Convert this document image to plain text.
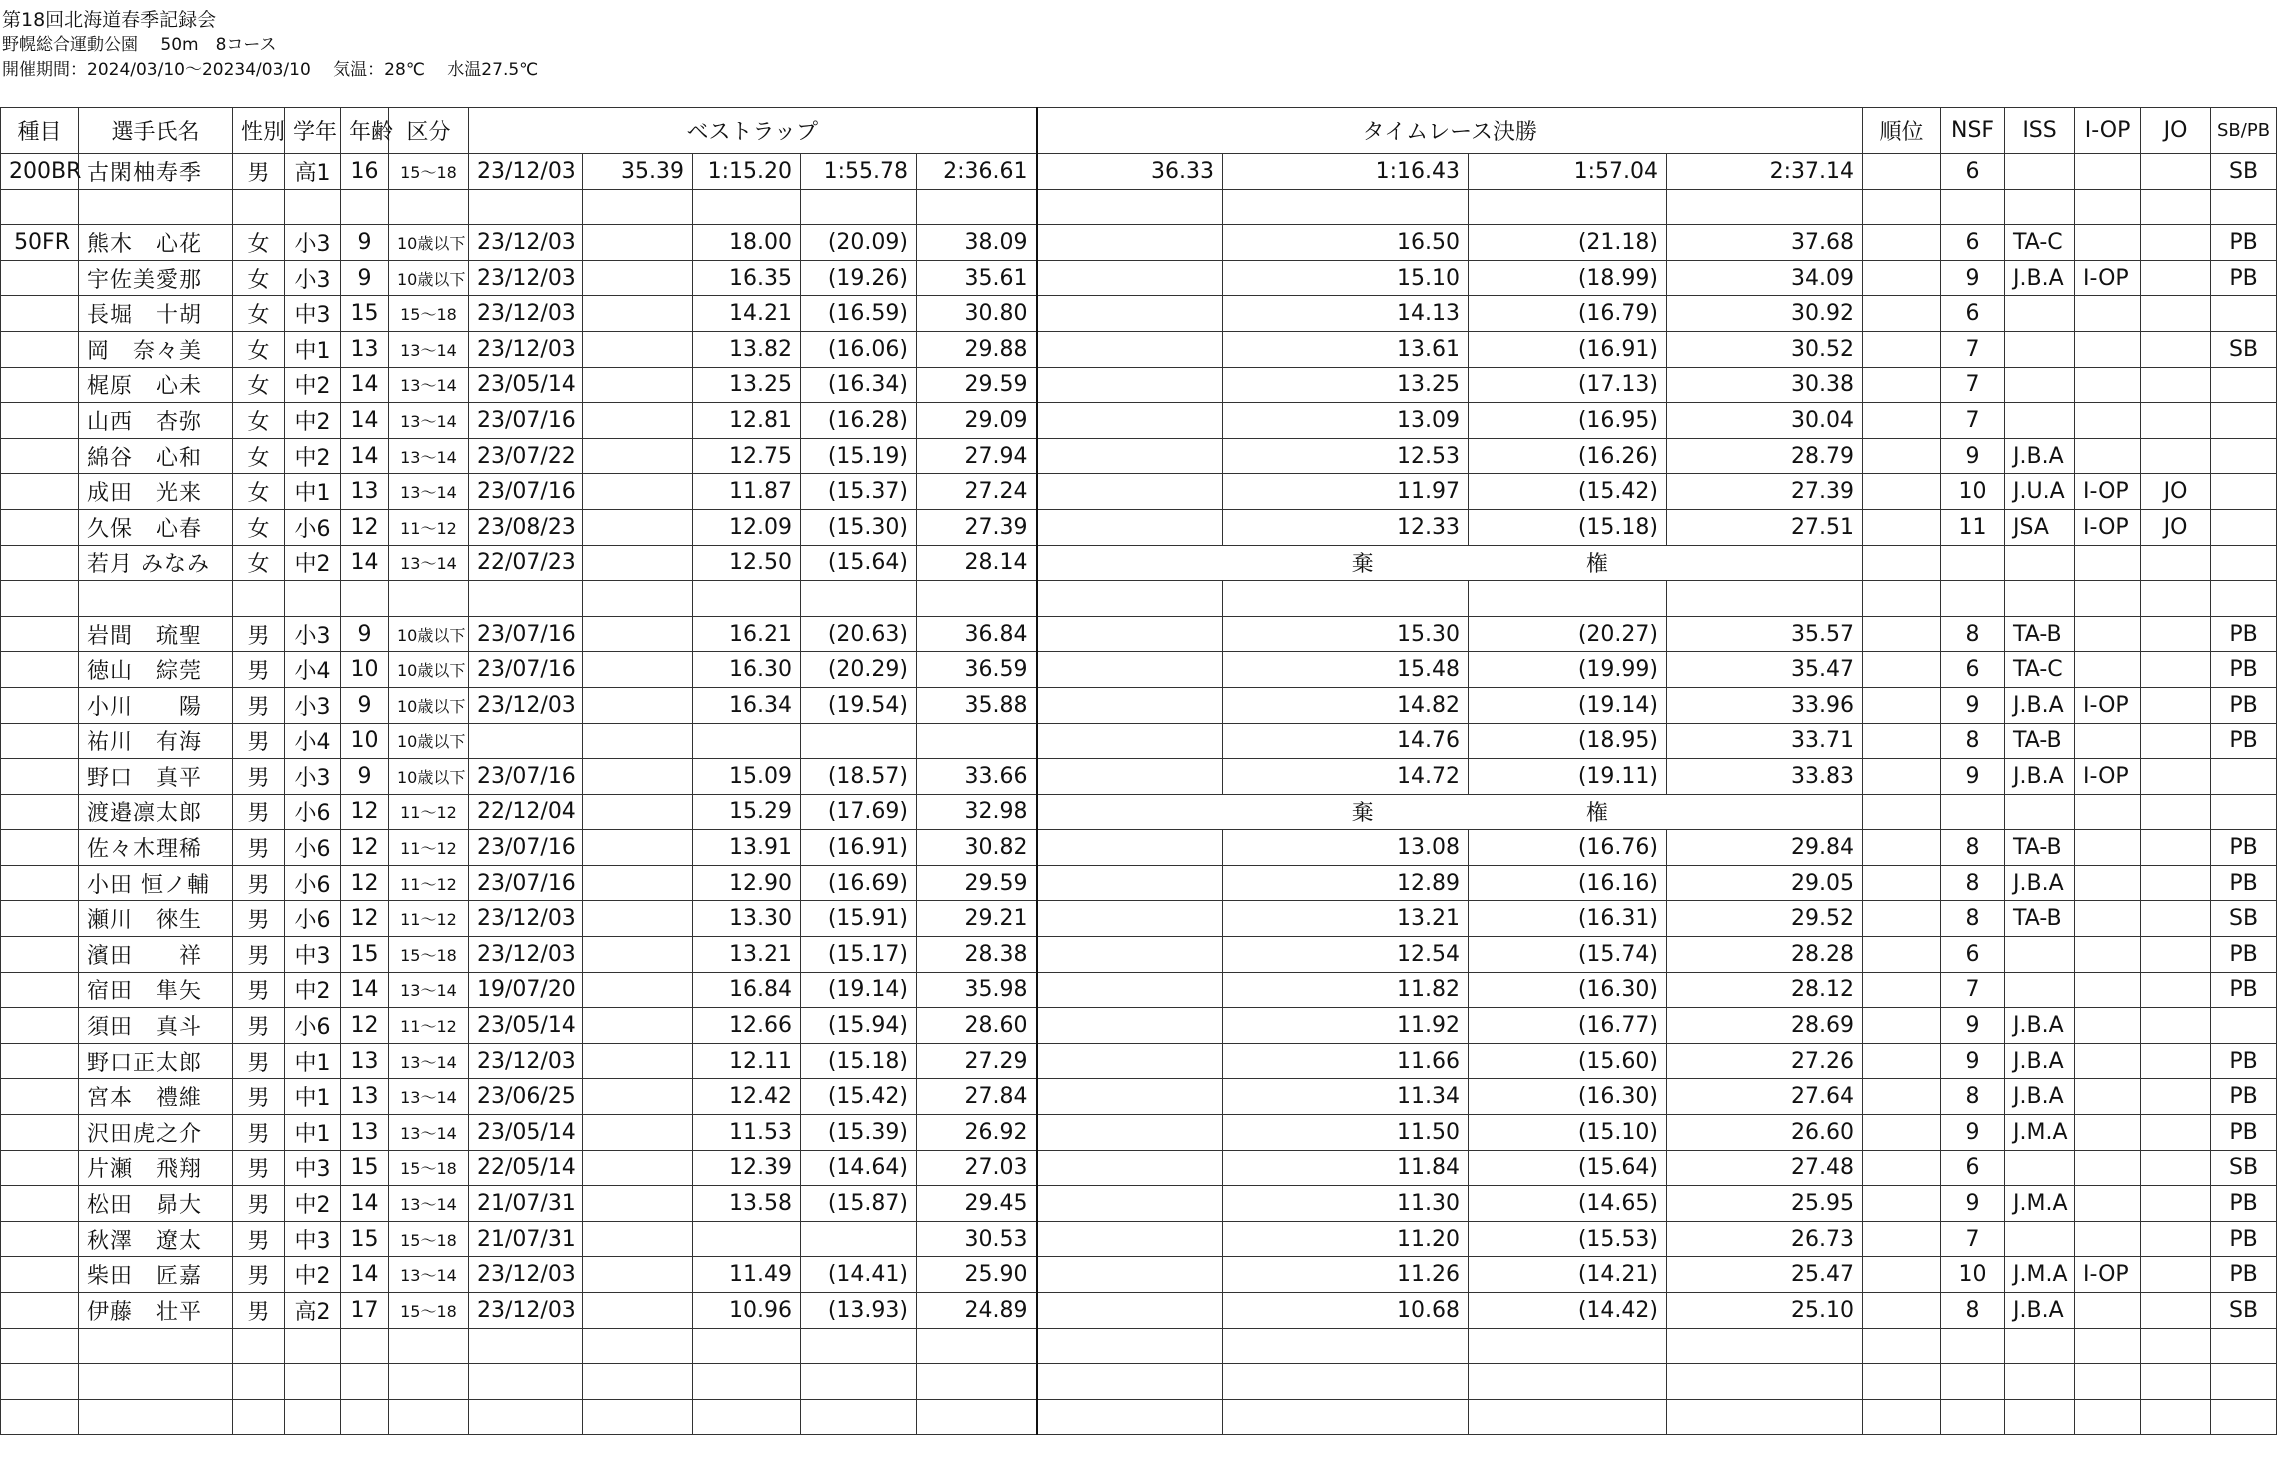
第18回北海道春季記録会
野幌総合運動公園　 50m　8コース
開催期間：2024/03/10～20234/03/10　 気温：28℃　 水温27.5℃
種目	選手氏名	性別	学年	年齢	区分	ベストラップ					タイムレース決勝				順位	NSF	ISS	I-OP	JO	SB/PB
200BR	古閑柚寿季	男	高1	16	15～18	23/12/03	35.39	1:15.20	1:55.78	2:36.61	36.33	1:16.43	1:57.04	2:37.14		6				SB

50FR	熊木　心花	女	小3	9	10歳以下	23/12/03		18.00	(20.09)	38.09		16.50	(21.18)	37.68		6	TA-C			PB
	宇佐美愛那	女	小3	9	10歳以下	23/12/03		16.35	(19.26)	35.61		15.10	(18.99)	34.09		9	J.B.A	I-OP		PB
	長堀　十胡	女	中3	15	15～18	23/12/03		14.21	(16.59)	30.80		14.13	(16.79)	30.92		6				
	岡　奈々美	女	中1	13	13～14	23/12/03		13.82	(16.06)	29.88		13.61	(16.91)	30.52		7				SB
	梶原　心未	女	中2	14	13～14	23/05/14		13.25	(16.34)	29.59		13.25	(17.13)	30.38		7				
	山西　杏弥	女	中2	14	13～14	23/07/16		12.81	(16.28)	29.09		13.09	(16.95)	30.04		7				
	綿谷　心和	女	中2	14	13～14	23/07/22		12.75	(15.19)	27.94		12.53	(16.26)	28.79		9	J.B.A			
	成田　光来	女	中1	13	13～14	23/07/16		11.87	(15.37)	27.24		11.97	(15.42)	27.39		10	J.U.A	I-OP	JO	
	久保　心春	女	小6	12	11～12	23/08/23		12.09	(15.30)	27.39		12.33	(15.18)	27.51		11	JSA	I-OP	JO	
	若月 みなみ	女	中2	14	13～14	22/07/23		12.50	(15.64)	28.14	棄 権									

	岩間　琉聖	男	小3	9	10歳以下	23/07/16		16.21	(20.63)	36.84		15.30	(20.27)	35.57		8	TA-B			PB
	徳山　綜莞	男	小4	10	10歳以下	23/07/16		16.30	(20.29)	36.59		15.48	(19.99)	35.47		6	TA-C			PB
	小川　　陽	男	小3	9	10歳以下	23/12/03		16.34	(19.54)	35.88		14.82	(19.14)	33.96		9	J.B.A	I-OP		PB
	祐川　有海	男	小4	10	10歳以下							14.76	(18.95)	33.71		8	TA-B			PB
	野口　真平	男	小3	9	10歳以下	23/07/16		15.09	(18.57)	33.66		14.72	(19.11)	33.83		9	J.B.A	I-OP		
	渡邉凛太郎	男	小6	12	11～12	22/12/04		15.29	(17.69)	32.98	棄 権									

	佐々木理稀	男	小6	12	11～12	23/07/16		13.91	(16.91)	30.82		13.08	(16.76)	29.84		8	TA-B			PB
	小田 恒ノ輔	男	小6	12	11～12	23/07/16		12.90	(16.69)	29.59		12.89	(16.16)	29.05		8	J.B.A			PB
	瀬川　徠生	男	小6	12	11～12	23/12/03		13.30	(15.91)	29.21		13.21	(16.31)	29.52		8	TA-B			SB
	濱田　　祥	男	中3	15	15～18	23/12/03		13.21	(15.17)	28.38		12.54	(15.74)	28.28		6				PB
	宿田　隼矢	男	中2	14	13～14	19/07/20		16.84	(19.14)	35.98		11.82	(16.30)	28.12		7				PB
	須田　真斗	男	小6	12	11～12	23/05/14		12.66	(15.94)	28.60		11.92	(16.77)	28.69		9	J.B.A			
	野口正太郎	男	中1	13	13～14	23/12/03		12.11	(15.18)	27.29		11.66	(15.60)	27.26		9	J.B.A			PB
	宮本　禮維	男	中1	13	13～14	23/06/25		12.42	(15.42)	27.84		11.34	(16.30)	27.64		8	J.B.A			PB
	沢田虎之介	男	中1	13	13～14	23/05/14		11.53	(15.39)	26.92		11.50	(15.10)	26.60		9	J.M.A			PB
	片瀬　飛翔	男	中3	15	15～18	22/05/14		12.39	(14.64)	27.03		11.84	(15.64)	27.48		6				SB
	松田　昴大	男	中2	14	13～14	21/07/31		13.58	(15.87)	29.45		11.30	(14.65)	25.95		9	J.M.A			PB
	秋澤　遼太	男	中3	15	15～18	21/07/31				30.53		11.20	(15.53)	26.73		7				PB
	柴田　匠嘉	男	中2	14	13～14	23/12/03		11.49	(14.41)	25.90		11.26	(14.21)	25.47		10	J.M.A	I-OP		PB
	伊藤　壮平	男	高2	17	15～18	23/12/03		10.96	(13.93)	24.89		10.68	(14.42)	25.10		8	J.B.A			SB
